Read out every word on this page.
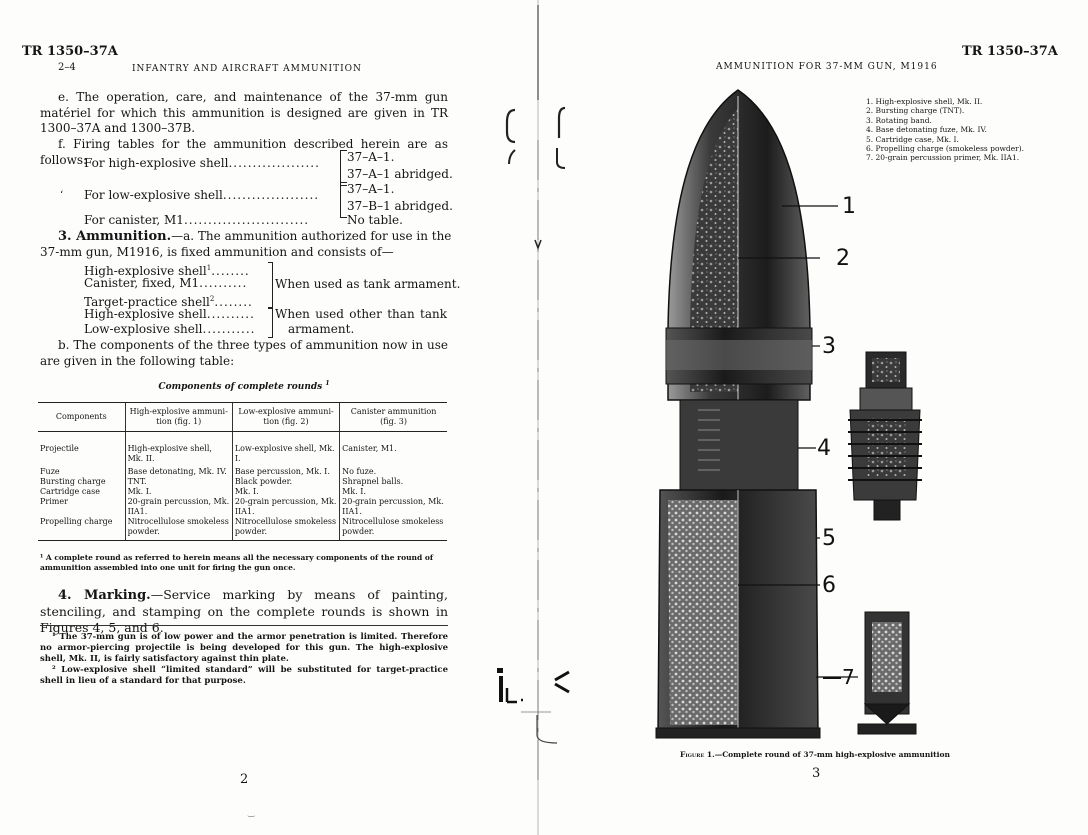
TR 1350–37A
2–4	INFANTRY AND AIRCRAFT AMMUNITION

e. The operation, care, and maintenance of the 37-mm gun matériel for which this ammunition is designed are given in TR 1300–37A and 1300–37B.

f. Firing tables for the ammunition described herein are as follows:

For high-explosive shell................... 37–A–1.
37–A–1 abridged.
‘ For low-explosive shell.................... 37–A–1.
37–B–1 abridged.
For canister, M1..........................	No table.
3. Ammunition.—a. The ammunition authorized for use in the
37-mm gun, M1916, is fixed ammunition and consists of—
High-explosive shell$^1$........
Canister, fixed, M1..........
Target-practice shell$^2$........
When used as tank armament.
High-explosive shell..........
Low-explosive shell...........
When used other than tank
armament.

b. The components of the three types of ammunition now in use are given in the following table:

Components of complete rounds $^1$
Components	High-explosive ammuni-tion (fig. 1)	Low-explosive ammuni-tion (fig. 2)	Canister ammunition (fig. 3)
Projectile	High-explosive shell, Mk. II.	Low-explosive shell, Mk. I.	Canister, M1.
Fuze	Base detonating, Mk. IV.	Base percussion, Mk. I.	No fuze.
Bursting charge	TNT.	Black powder.	Shrapnel balls.
Cartridge case	Mk. I.	Mk. I.	Mk. I.
Primer	20-grain percussion, Mk. IIA1.	20-grain percussion, Mk. IIA1.	20-grain percussion, Mk. IIA1.
Propelling charge	Nitrocellulose smokeless powder.	Nitrocellulose smokeless powder.	Nitrocellulose smokeless powder.
¹ A complete round as referred to herein means all the necessary components of the round of ammunition assembled into one unit for firing the gun once.

4. Marking.—Service marking by means of painting, stenciling, and stamping on the complete rounds is shown in Figures 4, 5, and 6.

¹ The 37-mm gun is of low power and the armor penetration is limited. Therefore no armor-piercing projectile is being developed for this gun. The high-explosive shell, Mk. II, is fairly satisfactory against thin plate.

² Low-explosive shell “limited standard” will be substituted for target-practice shell in lieu of a standard for that purpose.

2
‿
TR 1350–37A
AMMUNITION FOR 37-MM GUN, M1916
1. High-explosive shell, Mk. II.
2. Bursting charge (TNT).
3. Rotating band.
4. Base detonating fuze, Mk. IV.
5. Cartridge case, Mk. I.
6. Propelling charge (smokeless powder).
7. 20-grain percussion primer, Mk. IIA1.
1
2
3
4
5
6
—7
Figure 1.—Complete round of 37-mm high-explosive ammunition
3
